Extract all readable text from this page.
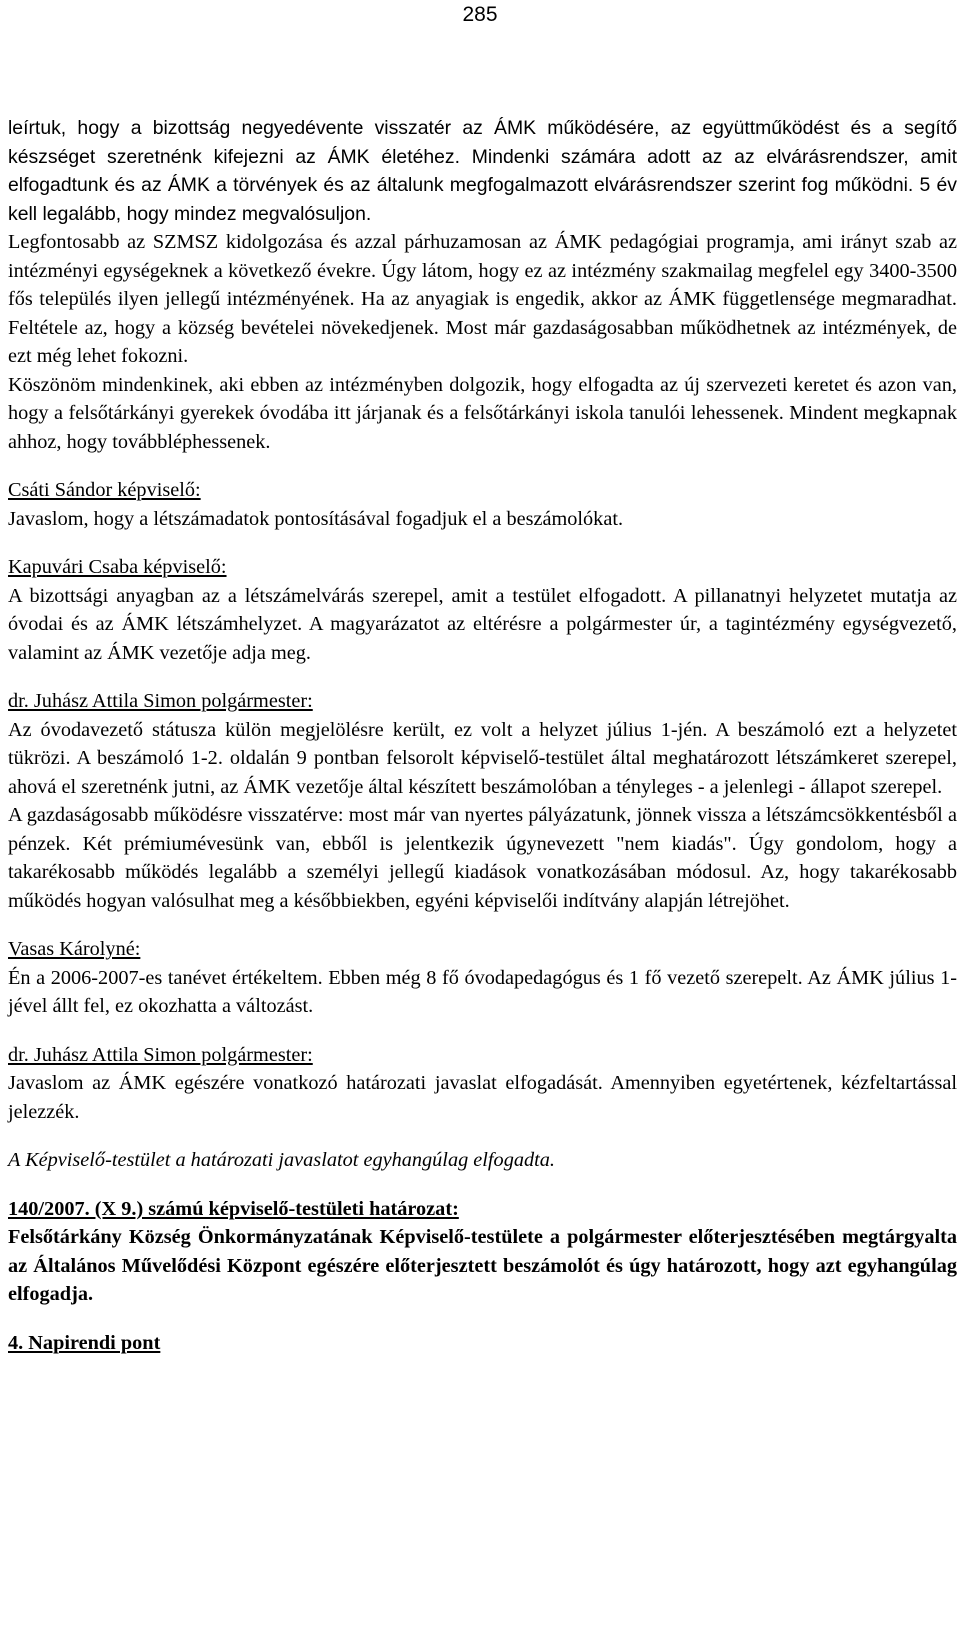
285

leírtuk, hogy a bizottság negyedévente visszatér az ÁMK működésére, az együttműködést és a segítő készséget szeretnénk kifejezni az ÁMK életéhez. Mindenki számára adott az az elvárásrendszer, amit elfogadtunk és az ÁMK a törvények és az általunk megfogalmazott elvárásrendszer szerint fog működni. 5 év kell legalább, hogy mindez megvalósuljon.

Legfontosabb az SZMSZ kidolgozása és azzal párhuzamosan az ÁMK pedagógiai programja, ami irányt szab az intézményi egységeknek a következő évekre. Úgy látom, hogy ez az intézmény szakmailag megfelel egy 3400-3500 fős település ilyen jellegű intézményének. Ha az anyagiak is engedik, akkor az ÁMK függetlensége megmaradhat. Feltétele az, hogy a község bevételei növekedjenek. Most már gazdaságosabban működhetnek az intézmények, de ezt még lehet fokozni.

Köszönöm mindenkinek, aki ebben az intézményben dolgozik, hogy elfogadta az új szervezeti keretet és azon van, hogy a felsőtárkányi gyerekek óvodába itt járjanak és a felsőtárkányi iskola tanulói lehessenek. Mindent megkapnak ahhoz, hogy továbbléphessenek.

Csáti Sándor képviselő:

Javaslom, hogy a létszámadatok pontosításával fogadjuk el a beszámolókat.

Kapuvári Csaba képviselő:

A bizottsági anyagban az a létszámelvárás szerepel, amit a testület elfogadott. A pillanatnyi helyzetet mutatja az óvodai és az ÁMK létszámhelyzet. A magyarázatot az eltérésre a polgármester úr, a tagintézmény egységvezető, valamint az ÁMK vezetője adja meg.

dr. Juhász Attila Simon polgármester:

Az óvodavezető státusza külön megjelölésre került, ez volt a helyzet július 1-jén. A beszámoló ezt a helyzetet tükrözi. A beszámoló 1-2. oldalán 9 pontban felsorolt képviselő-testület által meghatározott létszámkeret szerepel, ahová el szeretnénk jutni, az ÁMK vezetője által készített beszámolóban a tényleges - a jelenlegi - állapot szerepel.

A gazdaságosabb működésre visszatérve: most már van nyertes pályázatunk, jönnek vissza a létszámcsökkentésből a pénzek. Két prémiumévesünk van, ebből is jelentkezik úgynevezett "nem kiadás". Úgy gondolom, hogy a takarékosabb működés legalább a személyi jellegű kiadások vonatkozásában módosul. Az, hogy takarékosabb működés hogyan valósulhat meg a későbbiekben, egyéni képviselői indítvány alapján létrejöhet.

Vasas Károlyné:

Én a 2006-2007-es tanévet értékeltem. Ebben még 8 fő óvodapedagógus és 1 fő vezető szerepelt. Az ÁMK július 1-jével állt fel, ez okozhatta a változást.

dr. Juhász Attila Simon polgármester:

Javaslom az ÁMK egészére vonatkozó határozati javaslat elfogadását. Amennyiben egyetértenek, kézfeltartással jelezzék.

A Képviselő-testület a határozati javaslatot egyhangúlag elfogadta.

140/2007. (X 9.) számú képviselő-testületi határozat:

Felsőtárkány Község Önkormányzatának Képviselő-testülete a polgármester előterjesztésében megtárgyalta az Általános Művelődési Központ egészére előterjesztett beszámolót és úgy határozott, hogy azt egyhangúlag elfogadja.

4. Napirendi pont
